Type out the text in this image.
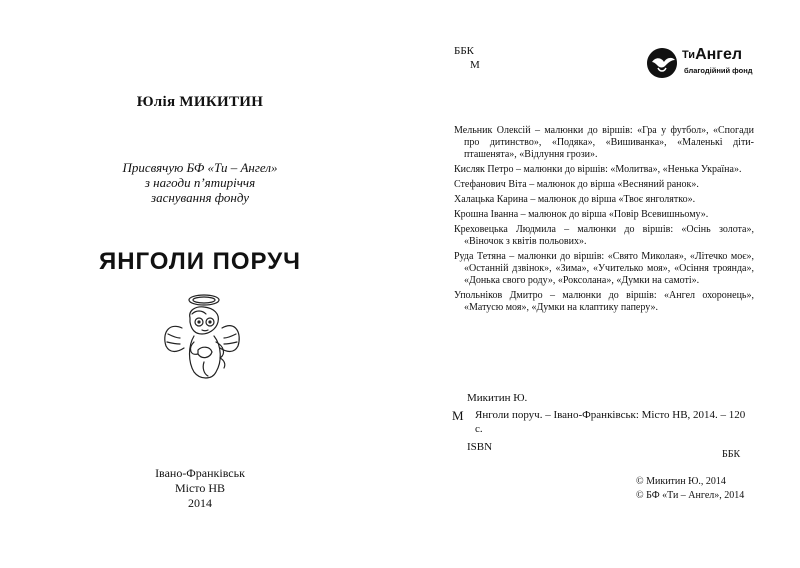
Юлія МИКИТИН
Присвячую БФ «Ти – Ангел»
з нагоди п’ятиріччя
заснування фонду
ЯНГОЛИ ПОРУЧ
Івано-Франківськ
Місто НВ
2014
ББК
М
$^{Ти}$Ангел
благодійний фонд

Мельник Олексій – малюнки до віршів: «Гра у футбол», «Спогади про дитинство», «Подяка», «Вишиванка», «Маленькі діти-пташенята», «Відлуння грози».

Кисляк Петро – малюнки до віршів: «Молитва», «Ненька Україна».

Стефанович Віта – малюнок до вірша «Весняний ранок».

Халацька Карина – малюнок до вірша «Твоє янголятко».

Крошна Іванна – малюнок до вірша «Повір Всевишньому».

Креховецька Людмила – малюнки до віршів: «Осінь золота», «Віночок з квітів польових».

Руда Тетяна – малюнки до віршів: «Свято Миколая», «Літечко моє», «Останній дзвінок», «Зима», «Учителько моя», «Осіння троянда», «Донька свого роду», «Роксолана», «Думки на самоті».

Упольніков Дмитро – малюнки до віршів: «Ангел охоронець», «Матусю моя», «Думки на клаптику паперу».

Микитин Ю.
М Янголи поруч. – Івано-Франківськ: Місто НВ, 2014. – 120 с.
ISBN
ББК
© Микитин Ю., 2014
© БФ «Ти – Ангел», 2014
